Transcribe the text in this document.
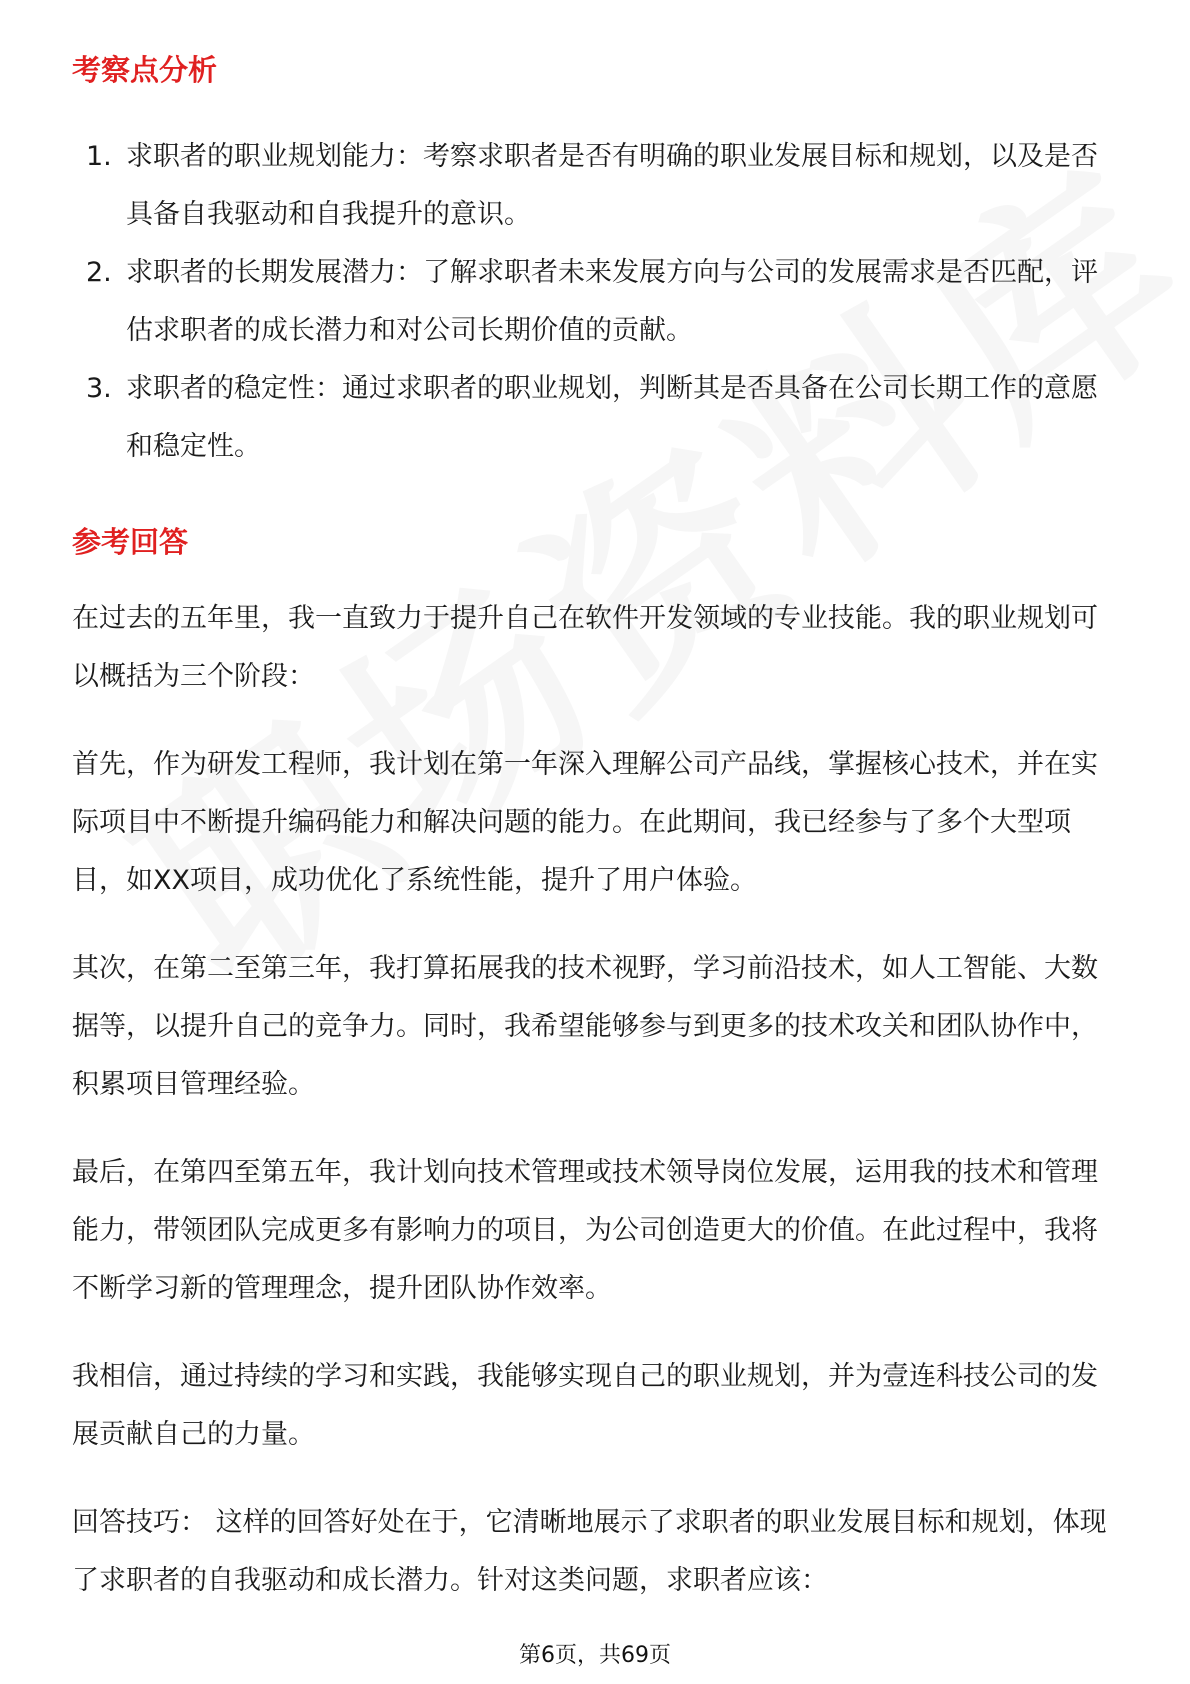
考察点分析
1. 求职者的职业规划能力：考察求职者是否有明确的职业发展目标和规划，以及是否具备自我驱动和自我提升的意识。
2. 求职者的长期发展潜力：了解求职者未来发展方向与公司的发展需求是否匹配，评估求职者的成长潜力和对公司长期价值的贡献。
3. 求职者的稳定性：通过求职者的职业规划，判断其是否具备在公司长期工作的意愿和稳定性。
参考回答

在过去的五年里，我一直致力于提升自己在软件开发领域的专业技能。我的职业规划可以概括为三个阶段：

首先，作为研发工程师，我计划在第一年深入理解公司产品线，掌握核心技术，并在实际项目中不断提升编码能力和解决问题的能力。在此期间，我已经参与了多个大型项目，如XX项目，成功优化了系统性能，提升了用户体验。

其次，在第二至第三年，我打算拓展我的技术视野，学习前沿技术，如人工智能、大数据等，以提升自己的竞争力。同时，我希望能够参与到更多的技术攻关和团队协作中，积累项目管理经验。

最后，在第四至第五年，我计划向技术管理或技术领导岗位发展，运用我的技术和管理能力，带领团队完成更多有影响力的项目，为公司创造更大的价值。在此过程中，我将不断学习新的管理理念，提升团队协作效率。

我相信，通过持续的学习和实践，我能够实现自己的职业规划，并为壹连科技公司的发展贡献自己的力量。

回答技巧： 这样的回答好处在于，它清晰地展示了求职者的职业发展目标和规划，体现了求职者的自我驱动和成长潜力。针对这类问题，求职者应该：

第6页，共69页
